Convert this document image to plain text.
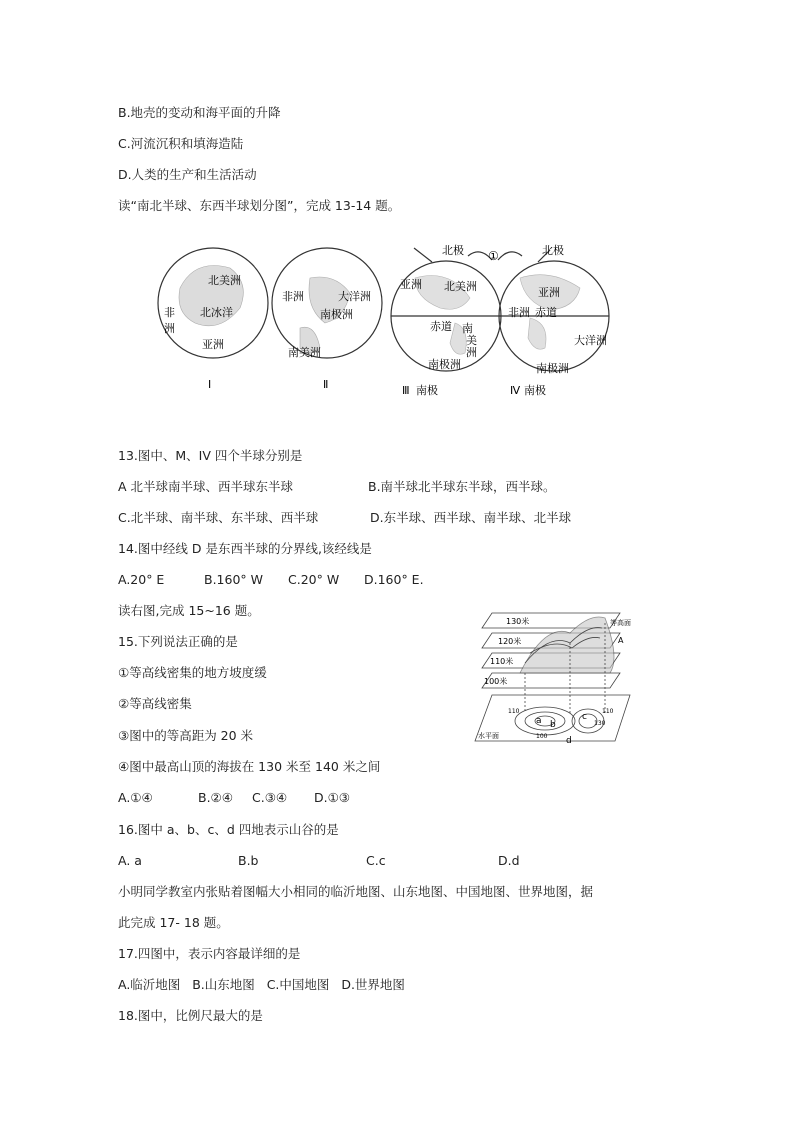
B.地壳的变动和海平面的升降
C.河流沉积和填海造陆
D.人类的生产和生活活动
读“南北半球、东西半球划分图”，完成 13-14 题。
北美洲
北冰洋
非
洲
亚洲
I
非洲	大洋洲
南极洲
南美洲
Ⅱ
北极
亚洲 北美洲
赤道 南
美
洲
南极洲
Ⅲ 南极
北极
亚洲
非洲 赤道
大洋洲
南极洲
Ⅳ 南极
①
13.图中、M、IV 四个半球分别是
A 北半球南半球、西半球东半球	B.南半球北半球东半球，西半球。
C.北半球、南半球、东半球、西半球	D.东半球、西半球、南半球、北半球
14.图中经线 D 是东西半球的分界线,该经线是
A.20° E	B.160° W C.20° W D.160° E.
读右图,完成 15~16 题。
15.下列说法正确的是
①等高线密集的地方坡度缓
②等高线密集
③图中的等高距为 20 米
④图中最高山顶的海拔在 130 米至 140 米之间
A.①④	B.②④ C.③④ D.①③
130米
120米
110米
100米
等高面
A
水平面
a b
c
d
110
100
130
110
16.图中 a、b、c、d 四地表示山谷的是
A. a	B.b	C.c	D.d
小明同学教室内张贴着图幅大小相同的临沂地图、山东地图、中国地图、世界地图，据
此完成 17- 18 题。
17.四图中，表示内容最详细的是
A.临沂地图   B.山东地图   C.中国地图   D.世界地图
18.图中，比例尺最大的是
